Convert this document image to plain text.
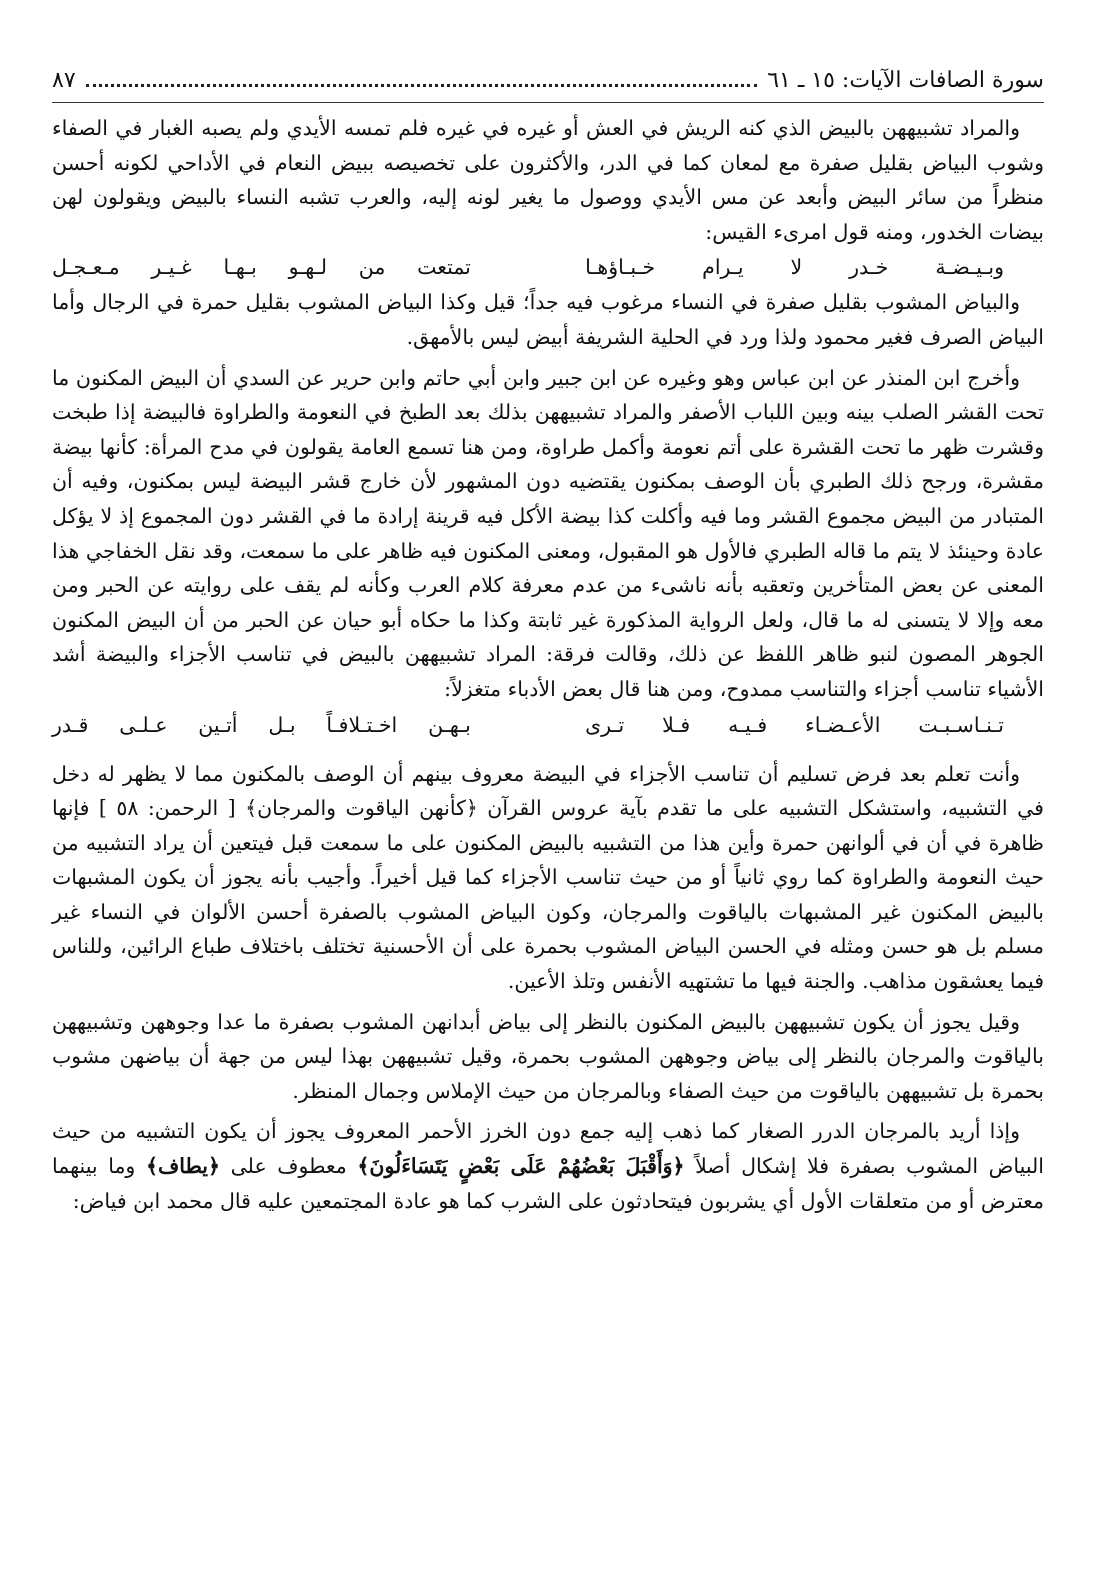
سورة الصافات الآيات: ١٥ ـ ٦١
٨٧

والمراد تشبيههن بالبيض الذي كنه الريش في العش أو غيره في غيره فلم تمسه الأيدي ولم يصبه الغبار في الصفاء وشوب البياض بقليل صفرة مع لمعان كما في الدر، والأكثرون على تخصيصه ببيض النعام في الأداحي لكونه أحسن منظراً من سائر البيض وأبعد عن مس الأيدي ووصول ما يغير لونه إليه، والعرب تشبه النساء بالبيض ويقولون لهن بيضات الخدور، ومنه قول امرىء القيس:

وبـيـضـة خـدر لا يـرام خـبـاؤهـا
تمتعت من لـهـو بـهـا غـيـر مـعـجـل

والبياض المشوب بقليل صفرة في النساء مرغوب فيه جداً؛ قيل وكذا البياض المشوب بقليل حمرة في الرجال وأما البياض الصرف فغير محمود ولذا ورد في الحلية الشريفة أبيض ليس بالأمهق.

وأخرج ابن المنذر عن ابن عباس وهو وغيره عن ابن جبير وابن أبي حاتم وابن حرير عن السدي أن البيض المكنون ما تحت القشر الصلب بينه وبين اللباب الأصفر والمراد تشبيههن بذلك بعد الطبخ في النعومة والطراوة فالبيضة إذا طبخت وقشرت ظهر ما تحت القشرة على أتم نعومة وأكمل طراوة، ومن هنا تسمع العامة يقولون في مدح المرأة: كأنها بيضة مقشرة، ورجح ذلك الطبري بأن الوصف بمكنون يقتضيه دون المشهور لأن خارج قشر البيضة ليس بمكنون، وفيه أن المتبادر من البيض مجموع القشر وما فيه وأكلت كذا بيضة الأكل فيه قرينة إرادة ما في القشر دون المجموع إذ لا يؤكل عادة وحينئذ لا يتم ما قاله الطبري فالأول هو المقبول، ومعنى المكنون فيه ظاهر على ما سمعت، وقد نقل الخفاجي هذا المعنى عن بعض المتأخرين وتعقبه بأنه ناشىء من عدم معرفة كلام العرب وكأنه لم يقف على روايته عن الحبر ومن معه وإلا لا يتسنى له ما قال، ولعل الرواية المذكورة غير ثابتة وكذا ما حكاه أبو حيان عن الحبر من أن البيض المكنون الجوهر المصون لنبو ظاهر اللفظ عن ذلك، وقالت فرقة: المراد تشبيههن بالبيض في تناسب الأجزاء والبيضة أشد الأشياء تناسب أجزاء والتناسب ممدوح، ومن هنا قال بعض الأدباء متغزلاً:

تـنـاسـبـت الأعـضـاء فـيـه فـلا تـرى
بـهـن اخـتـلافـاً بـل أتـين عـلـى قـدر

وأنت تعلم بعد فرض تسليم أن تناسب الأجزاء في البيضة معروف بينهم أن الوصف بالمكنون مما لا يظهر له دخل في التشبيه، واستشكل التشبيه على ما تقدم بآية عروس القرآن ﴿كأنهن الياقوت والمرجان﴾ [ الرحمن: ٥٨ ] فإنها ظاهرة في أن في ألوانهن حمرة وأين هذا من التشبيه بالبيض المكنون على ما سمعت قبل فيتعين أن يراد التشبيه من حيث النعومة والطراوة كما روي ثانياً أو من حيث تناسب الأجزاء كما قيل أخيراً. وأجيب بأنه يجوز أن يكون المشبهات بالبيض المكنون غير المشبهات بالياقوت والمرجان، وكون البياض المشوب بالصفرة أحسن الألوان في النساء غير مسلم بل هو حسن ومثله في الحسن البياض المشوب بحمرة على أن الأحسنية تختلف باختلاف طباع الرائين، وللناس فيما يعشقون مذاهب. والجنة فيها ما تشتهيه الأنفس وتلذ الأعين.

وقيل يجوز أن يكون تشبيههن بالبيض المكنون بالنظر إلى بياض أبدانهن المشوب بصفرة ما عدا وجوههن وتشبيههن بالياقوت والمرجان بالنظر إلى بياض وجوههن المشوب بحمرة، وقيل تشبيههن بهذا ليس من جهة أن بياضهن مشوب بحمرة بل تشبيههن بالياقوت من حيث الصفاء وبالمرجان من حيث الإملاس وجمال المنظر.

وإذا أريد بالمرجان الدرر الصغار كما ذهب إليه جمع دون الخرز الأحمر المعروف يجوز أن يكون التشبيه من حيث البياض المشوب بصفرة فلا إشكال أصلاً ﴿وَأَقْبَلَ بَعْضُهُمْ عَلَى بَعْضٍ يَتَسَاءَلُونَ﴾ معطوف على ﴿يطاف﴾ وما بينهما معترض أو من متعلقات الأول أي يشربون فيتحادثون على الشرب كما هو عادة المجتمعين عليه قال محمد ابن فياض:
